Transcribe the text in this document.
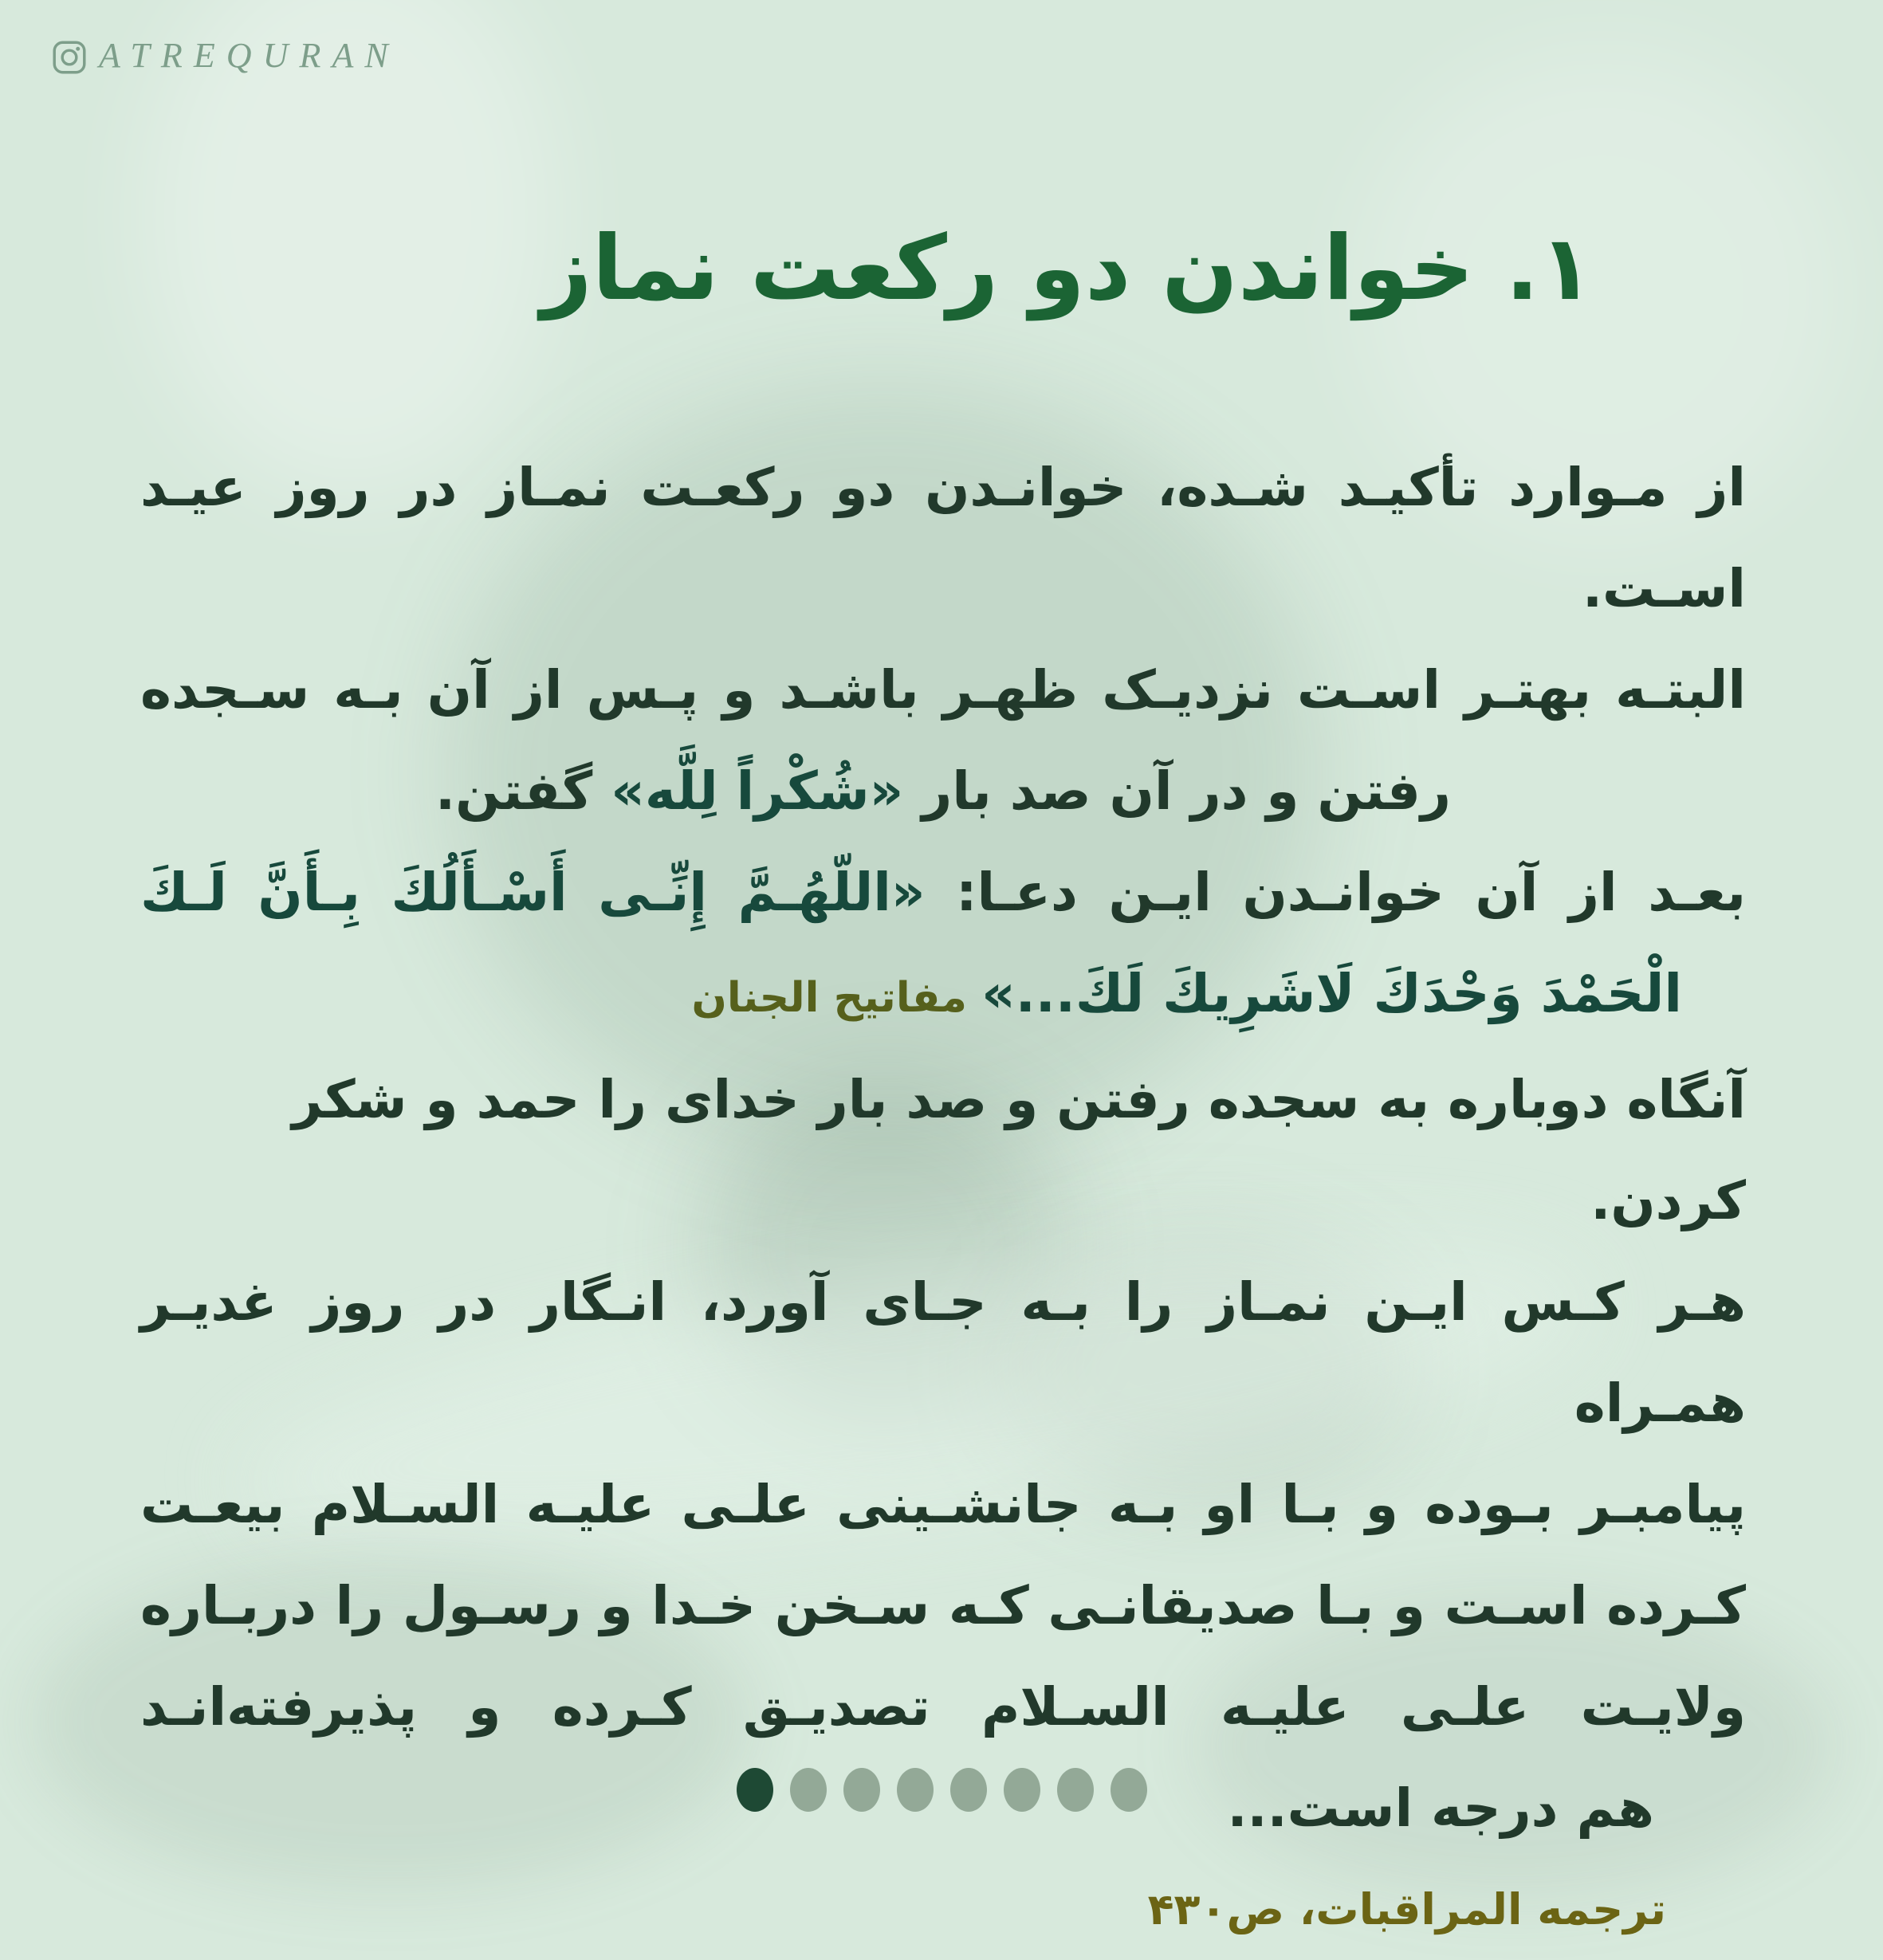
ATREQURAN
۱. خواندن دو رکعت نماز
از مـوارد تأکیـد شـده، خوانـدن دو رکعـت نمـاز در روز عیـد اسـت.
البتـه بهتـر اسـت نزدیـک ظهـر باشـد و پـس از آن بـه سـجده
رفتن و در آن صد بار «شُكْراً لِلَّه» گفتن.
بعـد از آن خوانـدن ایـن دعـا: «اللّهُـمَّ إِنِّـی أَسْـأَلُكَ بِـأَنَّ لَـكَ
الْحَمْدَ وَحْدَكَ لَاشَرِيكَ لَكَ...» مفاتیح الجنان
آنگاه دوباره به سجده رفتن و صد بار خدای را حمد و شکر کردن.
هـر کـس ایـن نمـاز را بـه جـای آورد، انـگار در روز غدیـر همـراه
پیامبـر بـوده و بـا او بـه جانشـینی علـی علیـه السـلام بیعـت
کـرده اسـت و بـا صدیقانـی کـه سـخن خـدا و رسـول را دربـاره
ولایـت علـی علیـه السـلام تصدیـق کـرده و پذیرفته‌انـد
هم درجه است...
ترجمه المراقبات، ص۴۳۰
